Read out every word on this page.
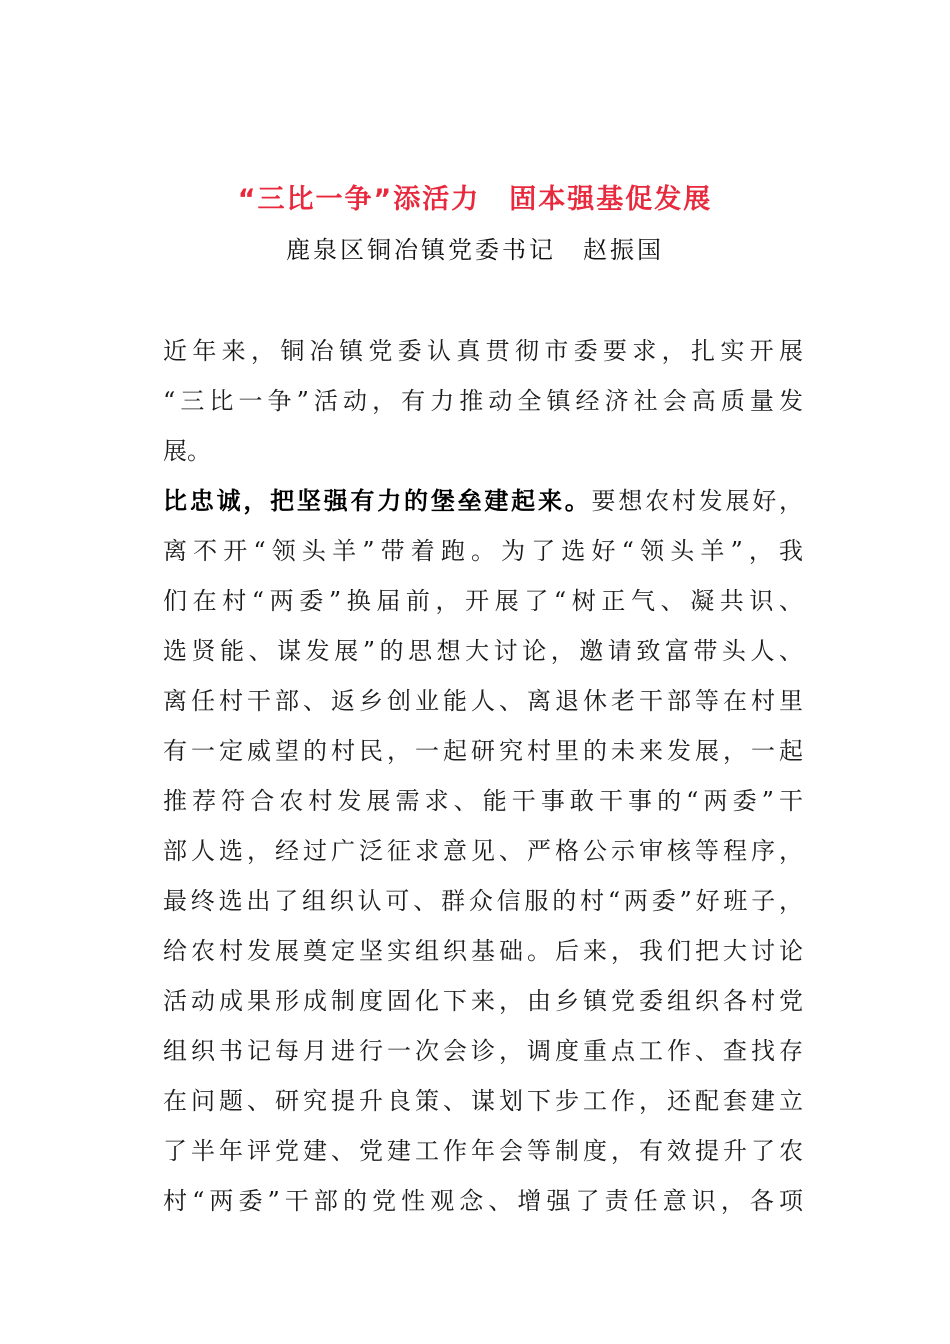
“三比一争”添活力　固本强基促发展
鹿泉区铜冶镇党委书记　赵振国
近年来，铜冶镇党委认真贯彻市委要求，扎实开展
“三比一争”活动，有力推动全镇经济社会高质量发
展。
比忠诚，把坚强有力的堡垒建起来。要想农村发展好，
离不开“领头羊”带着跑。为了选好“领头羊”，我
们在村“两委”换届前，开展了“树正气、凝共识、
选贤能、谋发展”的思想大讨论，邀请致富带头人、
离任村干部、返乡创业能人、离退休老干部等在村里
有一定威望的村民，一起研究村里的未来发展，一起
推荐符合农村发展需求、能干事敢干事的“两委”干
部人选，经过广泛征求意见、严格公示审核等程序，
最终选出了组织认可、群众信服的村“两委”好班子，
给农村发展奠定坚实组织基础。后来，我们把大讨论
活动成果形成制度固化下来，由乡镇党委组织各村党
组织书记每月进行一次会诊，调度重点工作、查找存
在问题、研究提升良策、谋划下步工作，还配套建立
了半年评党建、党建工作年会等制度，有效提升了农
村“两委”干部的党性观念、增强了责任意识，各项
